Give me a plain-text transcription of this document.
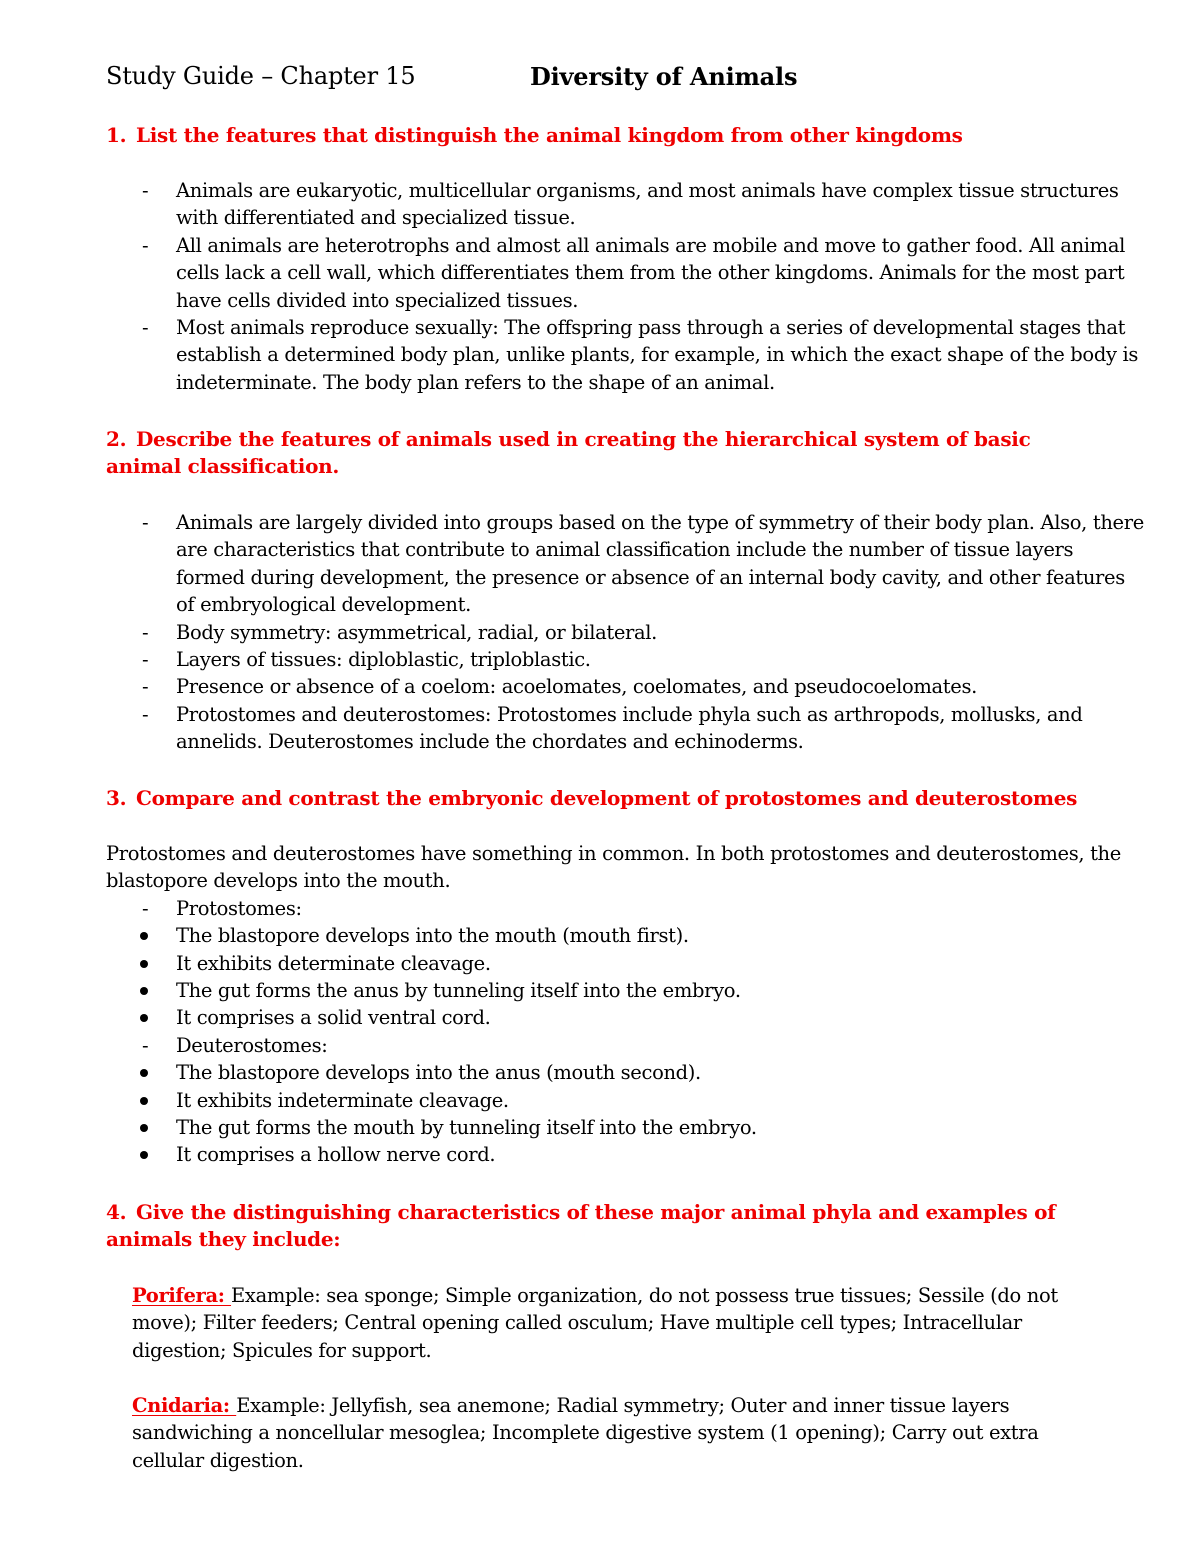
Study Guide – Chapter 15	Diversity of Animals
1. List the features that distinguish the animal kingdom from other kingdoms
- Animals are eukaryotic, multicellular organisms, and most animals have complex tissue structures with differentiated and specialized tissue.
- All animals are heterotrophs and almost all animals are mobile and move to gather food. All animal cells lack a cell wall, which differentiates them from the other kingdoms. Animals for the most part have cells divided into specialized tissues.
- Most animals reproduce sexually: The offspring pass through a series of developmental stages that establish a determined body plan, unlike plants, for example, in which the exact shape of the body is indeterminate. The body plan refers to the shape of an animal.
2. Describe the features of animals used in creating the hierarchical system of basic animal classification.
- Animals are largely divided into groups based on the type of symmetry of their body plan. Also, there are characteristics that contribute to animal classification include the number of tissue layers formed during development, the presence or absence of an internal body cavity, and other features of embryological development.
- Body symmetry: asymmetrical, radial, or bilateral.
- Layers of tissues: diploblastic, triploblastic.
- Presence or absence of a coelom: acoelomates, coelomates, and pseudocoelomates.
- Protostomes and deuterostomes: Protostomes include phyla such as arthropods, mollusks, and annelids. Deuterostomes include the chordates and echinoderms.
3. Compare and contrast the embryonic development of protostomes and deuterostomes
Protostomes and deuterostomes have something in common. In both protostomes and deuterostomes, the blastopore develops into the mouth.
- Protostomes:
The blastopore develops into the mouth (mouth first).
It exhibits determinate cleavage.
The gut forms the anus by tunneling itself into the embryo.
It comprises a solid ventral cord.
- Deuterostomes:
The blastopore develops into the anus (mouth second).
It exhibits indeterminate cleavage.
The gut forms the mouth by tunneling itself into the embryo.
It comprises a hollow nerve cord.
4. Give the distinguishing characteristics of these major animal phyla and examples of animals they include:
Porifera: Example: sea sponge; Simple organization, do not possess true tissues; Sessile (do not move); Filter feeders; Central opening called osculum; Have multiple cell types; Intracellular digestion; Spicules for support.
Cnidaria: Example: Jellyfish, sea anemone; Radial symmetry; Outer and inner tissue layers sandwiching a noncellular mesoglea; Incomplete digestive system (1 opening); Carry out extra cellular digestion.
